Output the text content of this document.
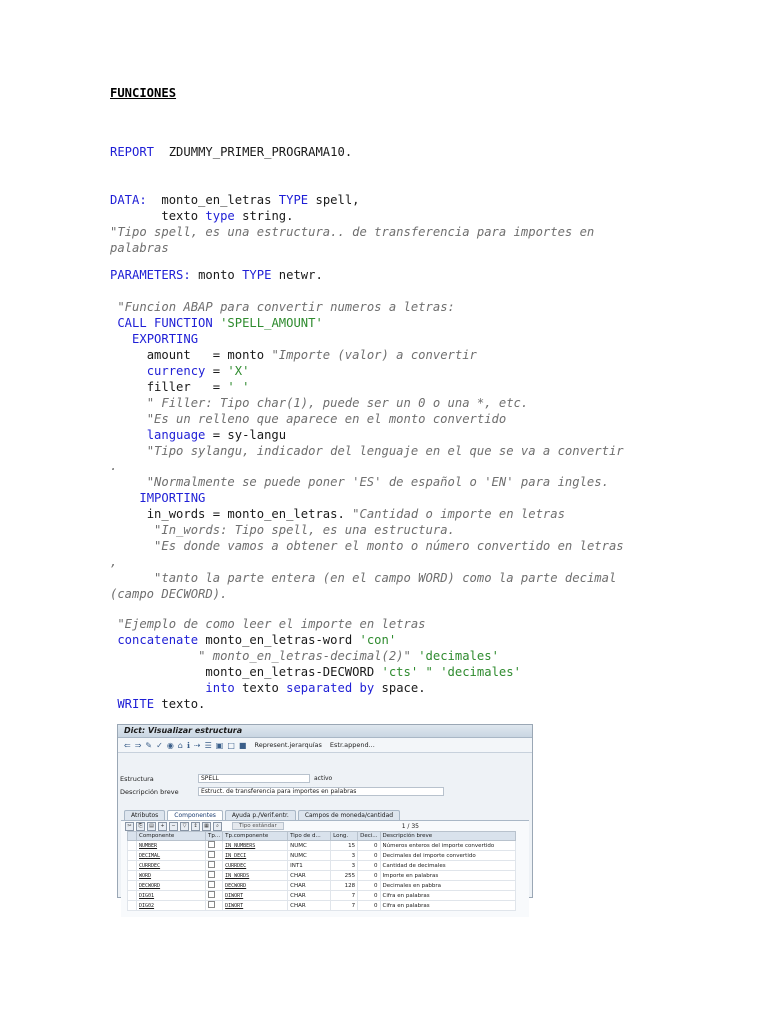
FUNCIONES
REPORT ZDUMMY_PRIMER_PROGRAMA10.
DATA: monto_en_letras TYPE spell,
texto type string.
"Tipo spell, es una estructura.. de transferencia para importes en
palabras
PARAMETERS: monto TYPE netwr.
"Funcion ABAP para convertir numeros a letras:
CALL FUNCTION 'SPELL_AMOUNT'
EXPORTING
amount   = monto "Importe (valor) a convertir
currency = 'X'
filler   = ' '
" Filler: Tipo char(1), puede ser un 0 o una *, etc.
"Es un relleno que aparece en el monto convertido
language = sy-langu
"Tipo sylangu, indicador del lenguaje en el que se va a convertir
.
"Normalmente se puede poner 'ES' de español o 'EN' para ingles.
IMPORTING
in_words = monto_en_letras. "Cantidad o importe en letras
"In_words: Tipo spell, es una estructura.
"Es donde vamos a obtener el monto o número convertido en letras
,
"tanto la parte entera (en el campo WORD) como la parte decimal
(campo DECWORD).
"Ejemplo de como leer el importe en letras
concatenate monto_en_letras-word 'con'
" monto_en_letras-decimal(2)" 'decimales'
monto_en_letras-DECWORD 'cts' " 'decimales'
into texto separated by space.
WRITE texto.
Dict: Visualizar estructura
⇐ ⇒ ✎ ✓ ◉ ⌂ ℹ ⇢ ☰ ▣ □ ■ Represent.jerarquías Estr.append...
Estructura	SPELL	activo
Descripción breve	Estruct. de transferencia para importes en palabras
Atributos	Componentes	Ayuda p./Verif.entr.	Campos de moneda/cantidad
✂	⎘	▤	+	−	▽	↕	▦	⌕	Tipo estándar	1 / 35
	Componente	Tp...	Tp.componente	Tipo de d...	Long.	Deci...	Descripción breve
	NUMBER		IN_NUMBERS	NUMC	15	0	Números enteros del importe convertido
	DECIMAL		IN_DECI	NUMC	3	0	Decimales del importe convertido
	CURRDEC		CURRDEC	INT1	3	0	Cantidad de decimales
	WORD		IN_WORDS	CHAR	255	0	Importe en palabras
	DECWORD		DECWORD	CHAR	128	0	Decimales en pabbra
	DIG01		DIWORT	CHAR	7	0	Cifra en palabras
	DIG02		DIWORT	CHAR	7	0	Cifra en palabras
